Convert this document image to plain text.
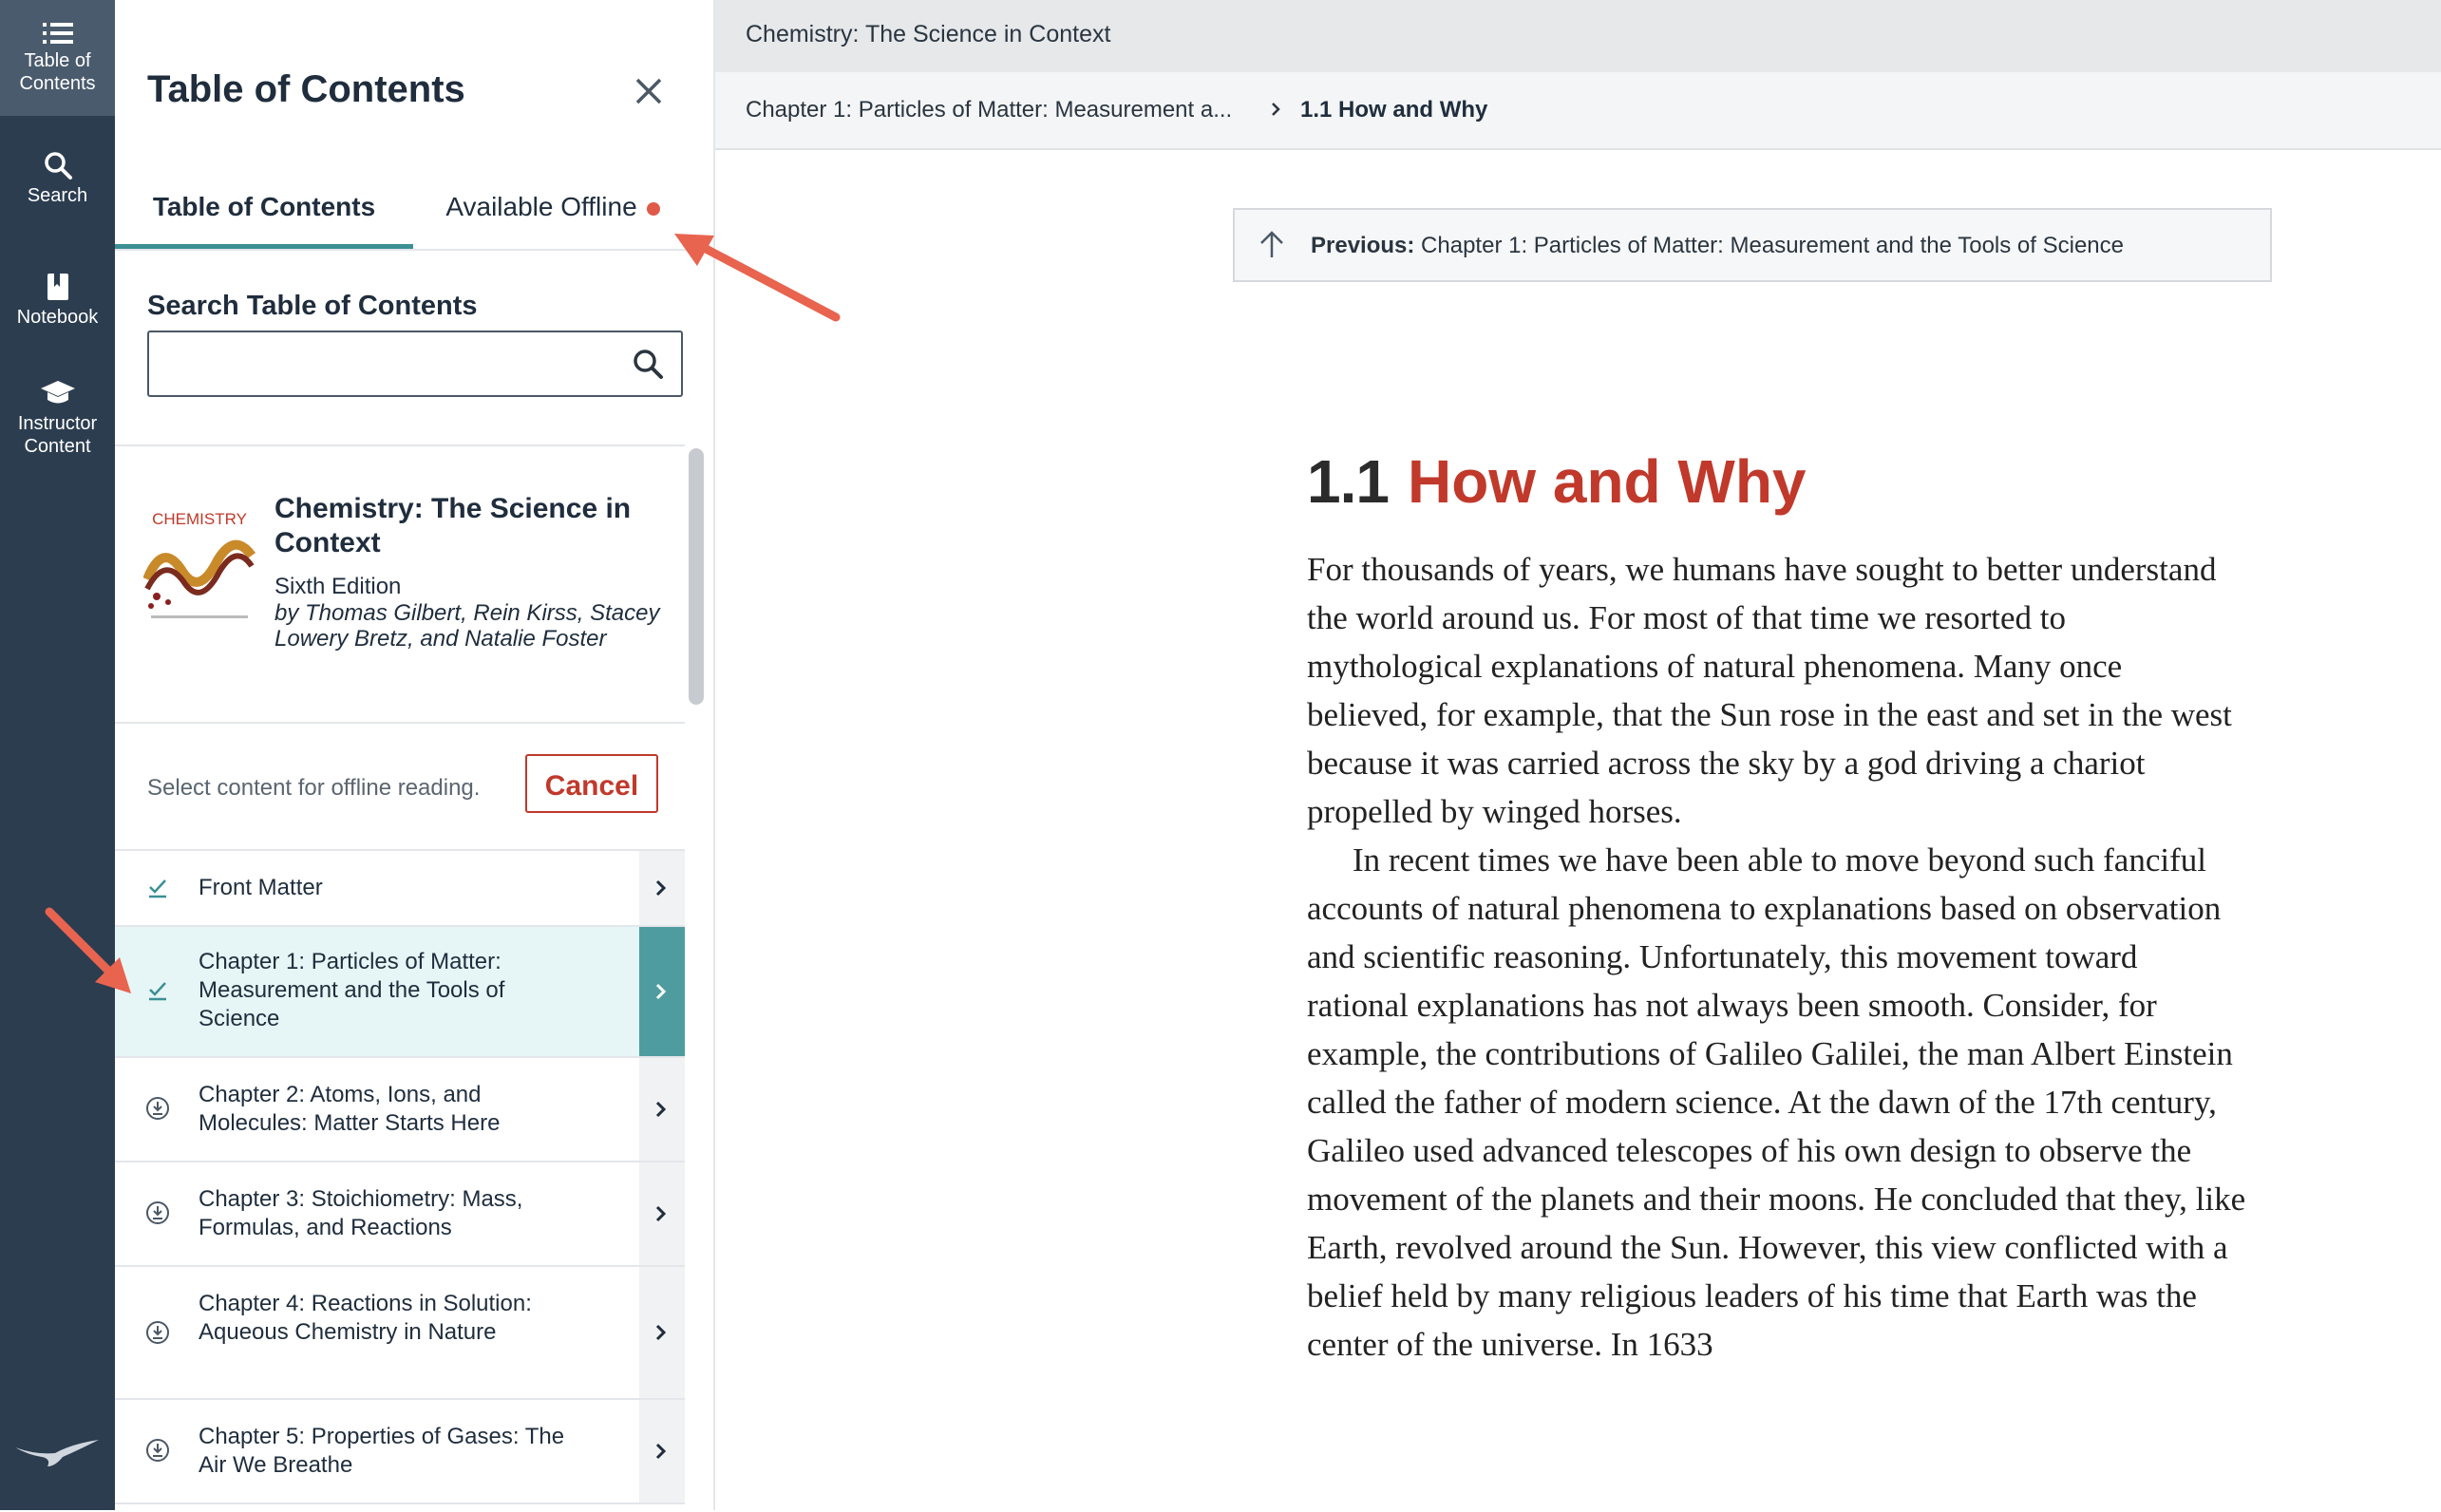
Table of
Contents
Search
Notebook
Instructor
Content
Table of Contents
Table of Contents	Available Offline
Search Table of Contents
CHEMISTRY Chemistry: The Science in Context
Sixth Edition
by Thomas Gilbert, Rein Kirss, Stacey Lowery Bretz, and Natalie Foster
Select content for offline reading.	Cancel
Front Matter
Chapter 1: Particles of Matter: Measurement and the Tools of Science
Chapter 2: Atoms, Ions, and Molecules: Matter Starts Here
Chapter 3: Stoichiometry: Mass, Formulas, and Reactions
Chapter 4: Reactions in Solution: Aqueous Chemistry in Nature
Chapter 5: Properties of Gases: The Air We Breathe
Chemistry: The Science in Context
Chapter 1: Particles of Matter: Measurement a...	1.1 How and Why
Previous: Chapter 1: Particles of Matter: Measurement and the Tools of Science
1.1 How and Why

For thousands of years, we humans have sought to better understand the world around us. For most of that time we resorted to mythological explanations of natural phenomena. Many once believed, for example, that the Sun rose in the east and set in the west because it was carried across the sky by a god driving a chariot propelled by winged horses.

In recent times we have been able to move beyond such fanciful accounts of natural phenomena to explanations based on observation and scientific reasoning. Unfortunately, this movement toward rational explanations has not always been smooth. Consider, for example, the contributions of Galileo Galilei, the man Albert Einstein called the father of modern science. At the dawn of the 17th century, Galileo used advanced telescopes of his own design to observe the movement of the planets and their moons. He concluded that they, like Earth, revolved around the Sun. However, this view conflicted with a belief held by many religious leaders of his time that Earth was the center of the universe. In 1633
